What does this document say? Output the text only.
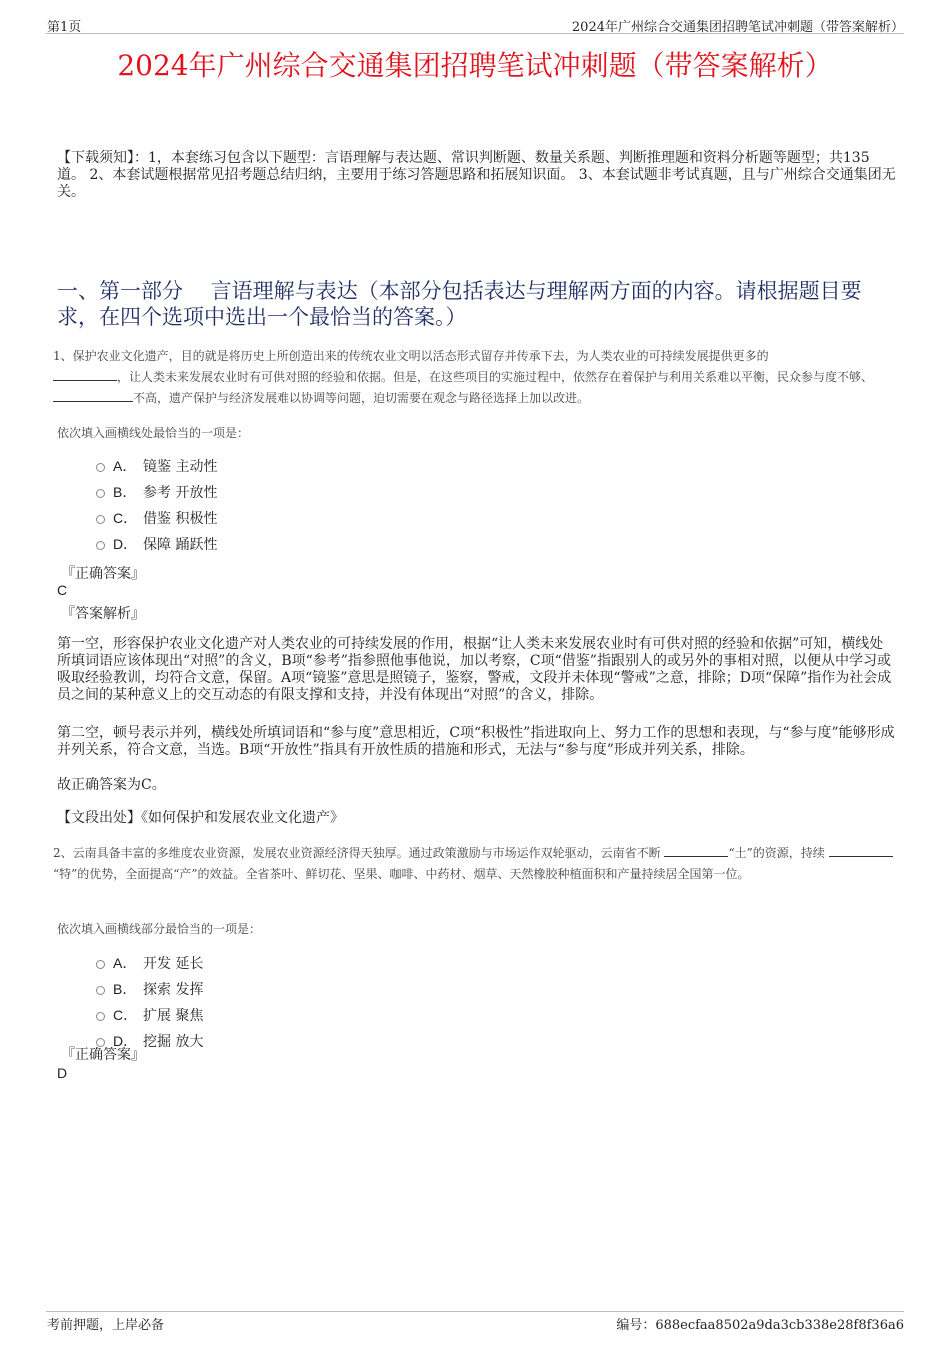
第1页	2024年广州综合交通集团招聘笔试冲刺题（带答案解析）
2024年广州综合交通集团招聘笔试冲刺题（带答案解析）
【下载须知】：1，本套练习包含以下题型：言语理解与表达题、常识判断题、数量关系题、判断推理题和资料分析题等题型；共135道。 2、本套试题根据常见招考题总结归纳，主要用于练习答题思路和拓展知识面。 3、本套试题非考试真题，且与广州综合交通集团无关。
一、第一部分　 言语理解与表达（本部分包括表达与理解两方面的内容。请根据题目要求，在四个选项中选出一个最恰当的答案。）
1、保护农业文化遗产，目的就是将历史上所创造出来的传统农业文明以活态形式留存并传承下去，为人类农业的可持续发展提供更多的
，让人类未来发展农业时有可供对照的经验和依据。但是，在这些项目的实施过程中，依然存在着保护与利用关系难以平衡，民众参与度不够、 不高，遗产保护与经济发展难以协调等问题，迫切需要在观念与路径选择上加以改进。
依次填入画横线处最恰当的一项是：
A． 镜鉴 主动性
B． 参考 开放性
C． 借鉴 积极性
D． 保障 踊跃性
『正确答案』
C
『答案解析』
第一空，形容保护农业文化遗产对人类农业的可持续发展的作用，根据“让人类未来发展农业时有可供对照的经验和依据”可知，横线处所填词语应该体现出“对照”的含义，B项“参考”指参照他事他说，加以考察，C项“借鉴”指跟别人的或另外的事相对照，以便从中学习或吸取经验教训，均符合文意，保留。A项“镜鉴”意思是照镜子，鉴察，警戒，文段并未体现“警戒”之意，排除；D项“保障”指作为社会成员之间的某种意义上的交互动态的有限支撑和支持，并没有体现出“对照”的含义，排除。
第二空，顿号表示并列，横线处所填词语和“参与度”意思相近，C项“积极性”指进取向上、努力工作的思想和表现，与“参与度”能够形成并列关系，符合文意，当选。B项“开放性”指具有开放性质的措施和形式，无法与“参与度”形成并列关系，排除。
故正确答案为C。
【文段出处】《如何保护和发展农业文化遗产》
2、云南具备丰富的多维度农业资源，发展农业资源经济得天独厚。通过政策激励与市场运作双轮驱动，云南省不断	“土”的资源，持续 “特”的优势，全面提高“产”的效益。全省茶叶、鲜切花、坚果、咖啡、中药材、烟草、天然橡胶种植面积和产量持续居全国第一位。
依次填入画横线部分最恰当的一项是：
A． 开发 延长
B． 探索 发挥
C． 扩展 聚焦
D． 挖掘 放大
『正确答案』
D
考前押题，上岸必备	编号：688ecfaa8502a9da3cb338e28f8f36a6
